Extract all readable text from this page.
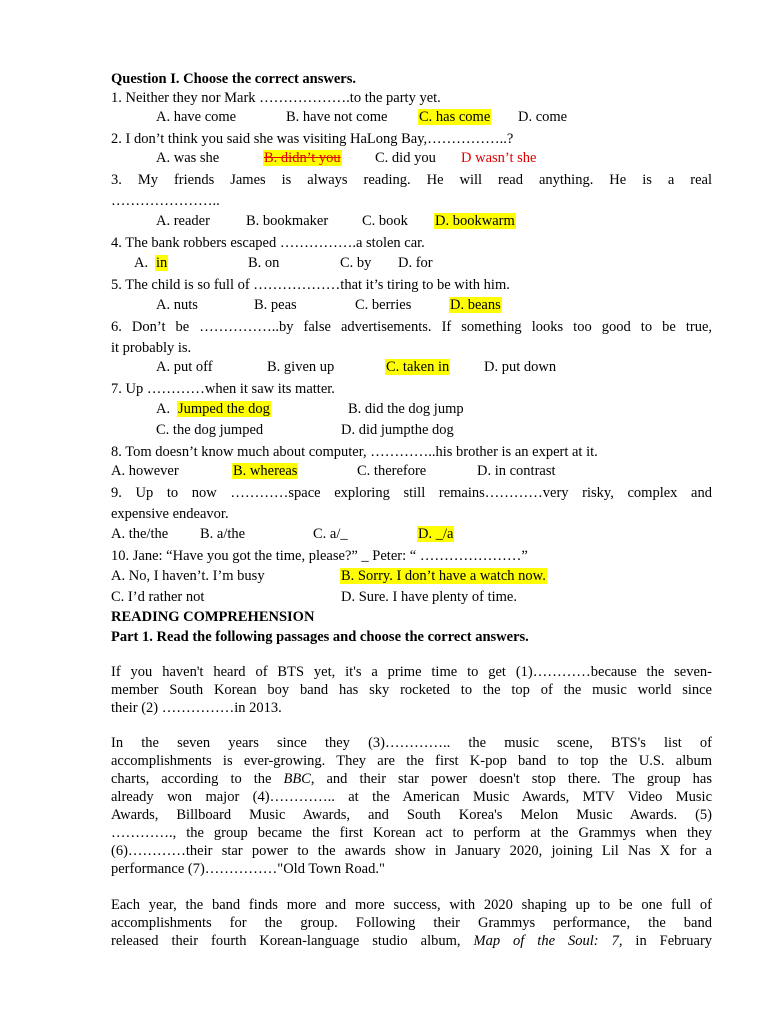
Question I. Choose the correct answers.
1. Neither they nor Mark ……………….to the party yet.
A. have come	B. have not come C. has come D. come
2. I don’t think you said she was visiting HaLong Bay,……………..?
A. was she	B. didn’t you C. did you D wasn’t she
3. My friends James is always reading. He will read anything. He is a real
…………………..
A. reader B. bookmaker C. book D. bookwarm
4. The bank robbers escaped …………….a stolen car.
A. in	B. on	C. by D. for
5. The child is so full of ………………that it’s tiring to be with him.
A. nuts	B. peas	C. berries	D. beans
6. Don’t be ……………..by false advertisements. If something looks too good to be true,
it probably is.
A. put off	B. given up	C. taken in D. put down
7. Up …………when it saw its matter.
A. Jumped the dog	B. did the dog jump
C. the dog jumped	D. did jumpthe dog
8. Tom doesn’t know much about computer, …………..his brother is an expert at it.
A. however	B. whereas	C. therefore	D. in contrast
9. Up to now …………space exploring still remains…………very risky, complex and
expensive endeavor.
A. the/the B. a/the	C. a/_	D. _/a
10. Jane: “Have you got the time, please?” _ Peter: “ …………………”
A. No, I haven’t. I’m busy	B. Sorry. I don’t have a watch now.
C. I’d rather not	D. Sure. I have plenty of time.
READING COMPREHENSION
Part 1. Read the following passages and choose the correct answers.
If you haven't heard of BTS yet, it's a prime time to get (1)…………because the seven-
member South Korean boy band has sky rocketed to the top of the music world since
their (2) ……………in 2013.
In the seven years since they (3)………….. the music scene, BTS's list of
accomplishments is ever-growing. They are the first K-pop band to top the U.S. album
charts, according to the BBC, and their star power doesn't stop there. The group has
already won major (4)………….. at the American Music Awards, MTV Video Music
Awards, Billboard Music Awards, and South Korea's Melon Music Awards. (5)
…………., the group became the first Korean act to perform at the Grammys when they
(6)…………their star power to the awards show in January 2020, joining Lil Nas X for a
performance (7)……………"Old Town Road."
Each year, the band finds more and more success, with 2020 shaping up to be one full of
accomplishments for the group. Following their Grammys performance, the band
released their fourth Korean-language studio album, Map of the Soul: 7, in February
